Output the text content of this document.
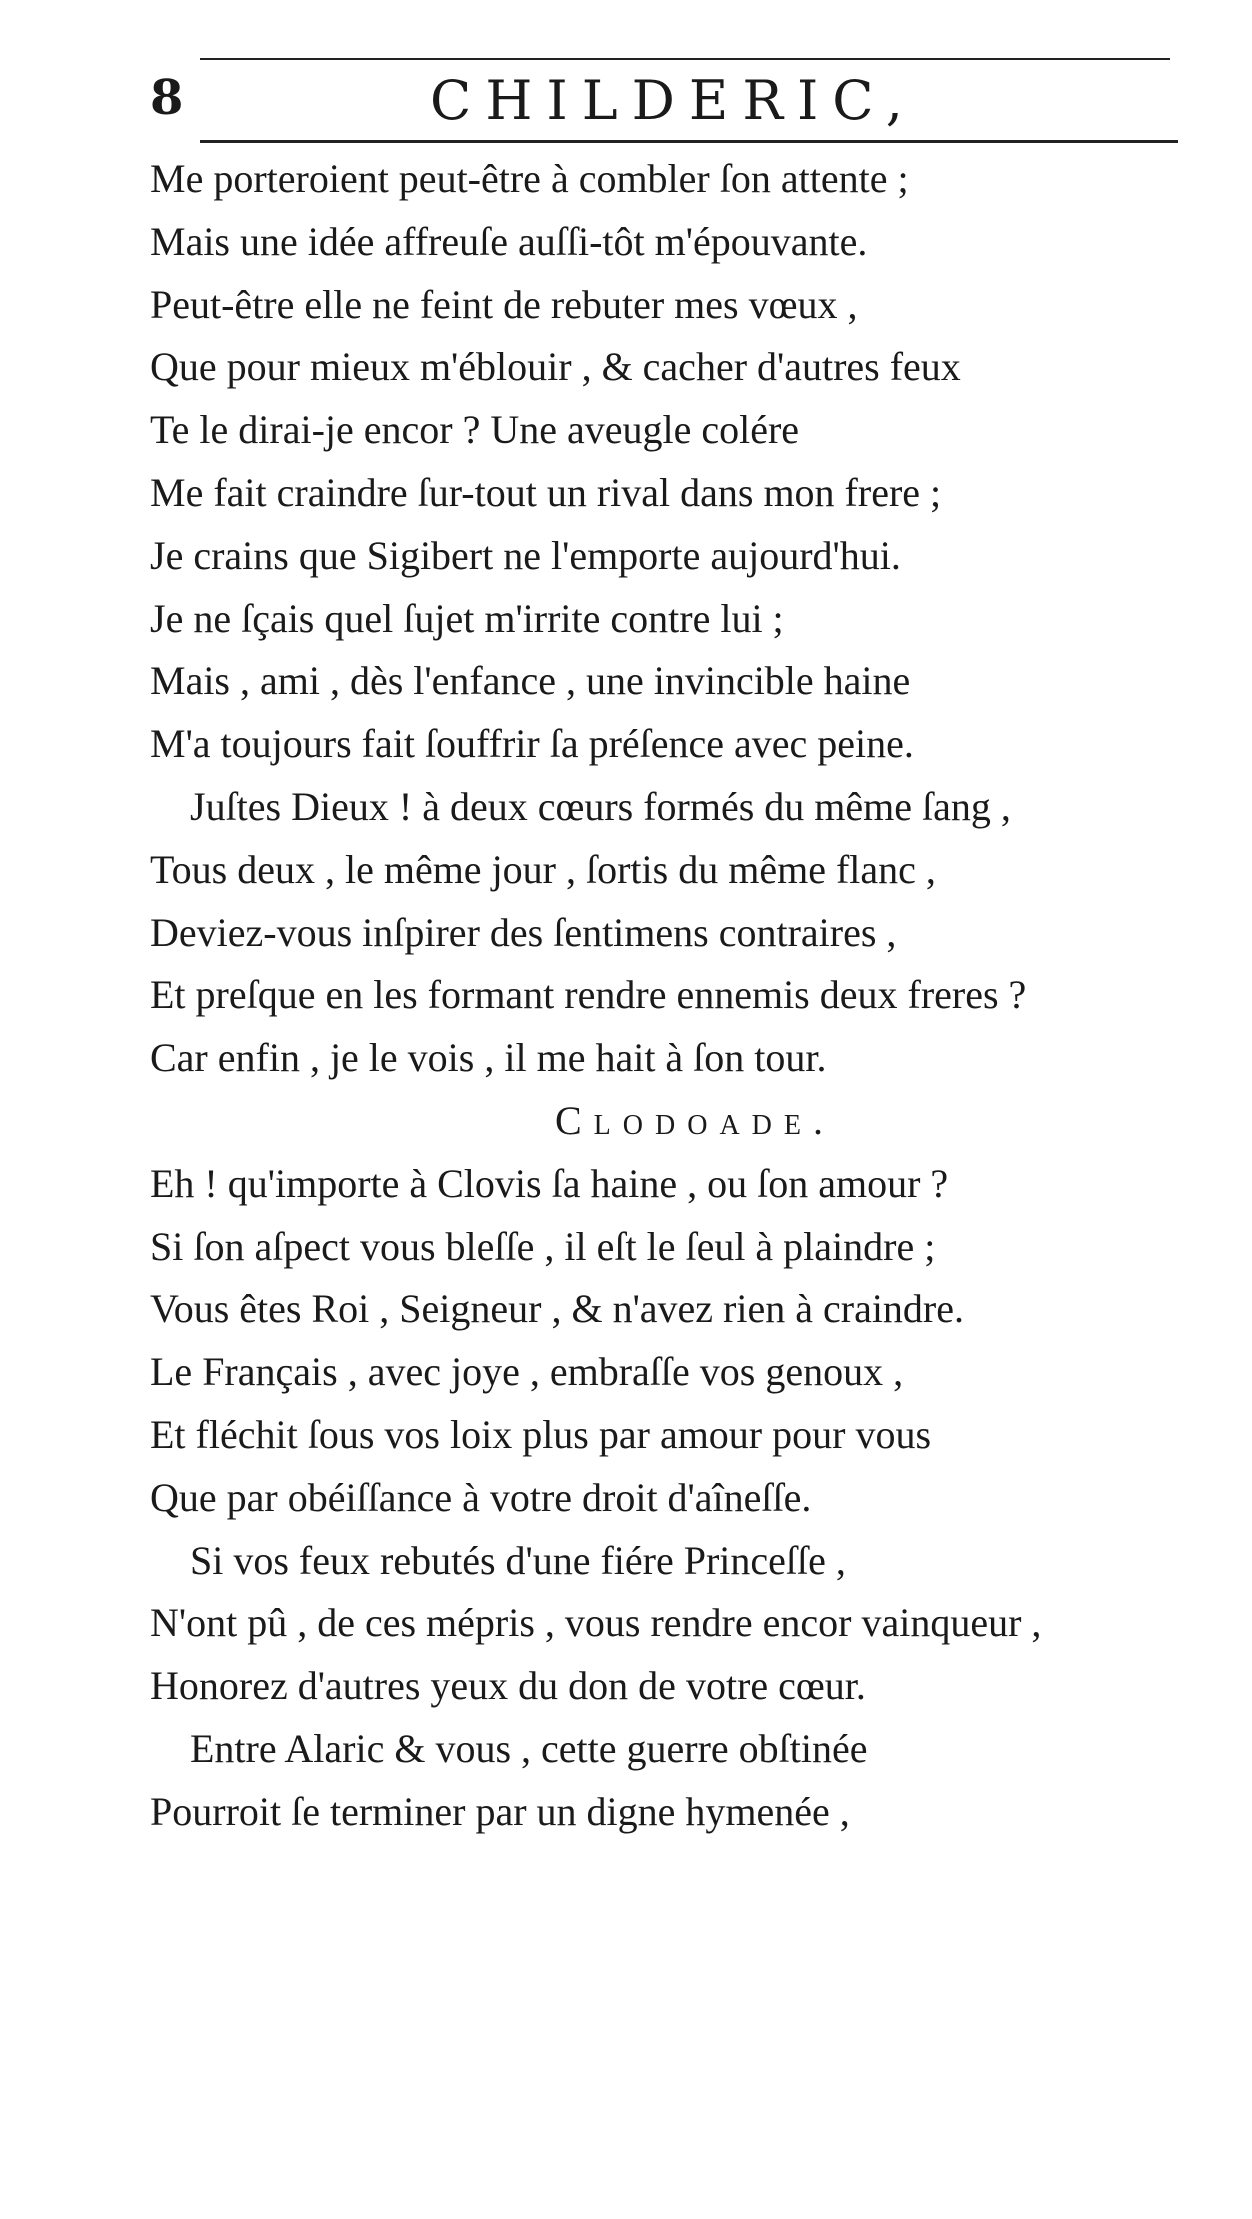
8	CHILDERIC,
Me porteroient peut-être à combler ſon attente ;
Mais une idée affreuſe auſſi-tôt m'épouvante.
Peut-être elle ne feint de rebuter mes vœux ,
Que pour mieux m'éblouir , & cacher d'autres feux
Te le dirai-je encor ? Une aveugle colére
Me fait craindre ſur-tout un rival dans mon frere ;
Je crains que Sigibert ne l'emporte aujourd'hui.
Je ne ſçais quel ſujet m'irrite contre lui ;
Mais , ami , dès l'enfance , une invincible haine
M'a toujours fait ſouffrir ſa préſence avec peine.
Juſtes Dieux ! à deux cœurs formés du même ſang ,
Tous deux , le même jour , ſortis du même flanc ,
Deviez-vous inſpirer des ſentimens contraires ,
Et preſque en les formant rendre ennemis deux freres ?
Car enfin , je le vois , il me hait à ſon tour.
Clodoade.
Eh ! qu'importe à Clovis ſa haine , ou ſon amour ?
Si ſon aſpect vous bleſſe , il eſt le ſeul à plaindre ;
Vous êtes Roi , Seigneur , & n'avez rien à craindre.
Le Français , avec joye , embraſſe vos genoux ,
Et fléchit ſous vos loix plus par amour pour vous
Que par obéiſſance à votre droit d'aîneſſe.
Si vos feux rebutés d'une fiére Princeſſe ,
N'ont pû , de ces mépris , vous rendre encor vainqueur ,
Honorez d'autres yeux du don de votre cœur.
Entre Alaric & vous , cette guerre obſtinée
Pourroit ſe terminer par un digne hymenée ,
